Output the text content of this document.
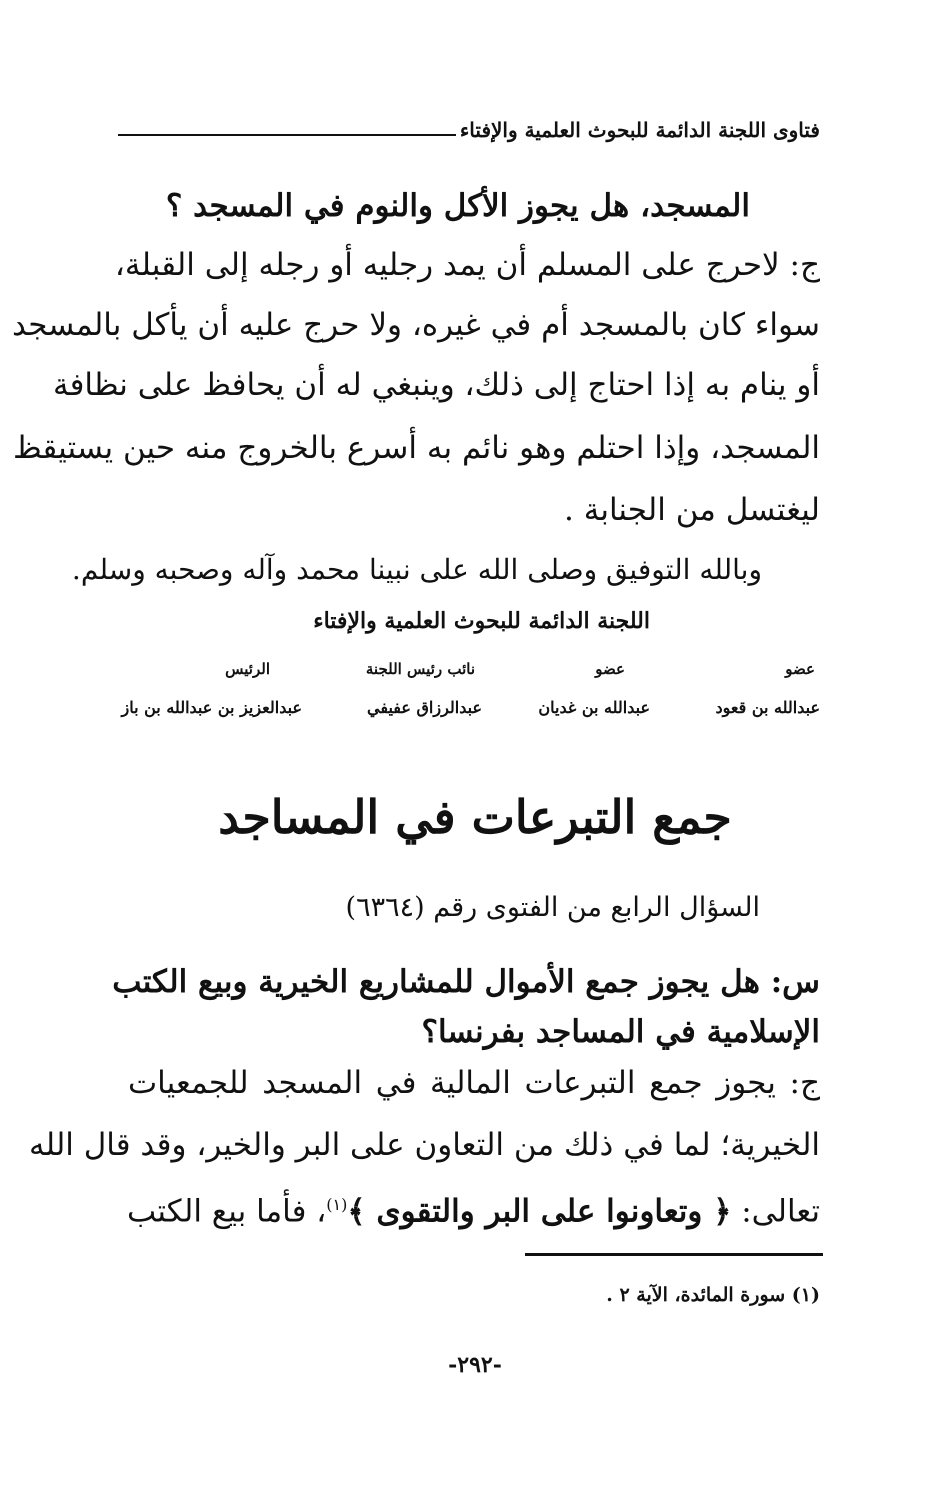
فتاوى اللجنة الدائمة للبحوث العلمية والإفتاء
المسجد، هل يجوز الأكل والنوم في المسجد ؟
ج: لاحرج على المسلم أن يمد رجليه أو رجله إلى القبلة،
سواء كان بالمسجد أم في غيره، ولا حرج عليه أن يأكل بالمسجد
أو ينام به إذا احتاج إلى ذلك، وينبغي له أن يحافظ على نظافة
المسجد، وإذا احتلم وهو نائم به أسرع بالخروج منه حين يستيقظ
ليغتسل من الجنابة .
وبالله التوفيق وصلى الله على نبينا محمد وآله وصحبه وسلم.
اللجنة الدائمة للبحوث العلمية والإفتاء
عضو
عضو
نائب رئيس اللجنة
الرئيس
عبدالله بن قعود
عبدالله بن غديان
عبدالرزاق عفيفي
عبدالعزيز بن عبدالله بن باز
جمع التبرعات في المساجد
السؤال الرابع من الفتوى رقم (٦٣٦٤)
س: هل يجوز جمع الأموال للمشاريع الخيرية وبيع الكتب
الإسلامية في المساجد بفرنسا؟
ج: يجوز جمع التبرعات المالية في المسجد للجمعيات
الخيرية؛ لما في ذلك من التعاون على البر والخير، وقد قال الله
تعالى: ﴿ وتعاونوا على البر والتقوى ﴾$^{(١)}$، فأما بيع الكتب
(١) سورة المائدة، الآية ٢ .
-٢٩٢-
